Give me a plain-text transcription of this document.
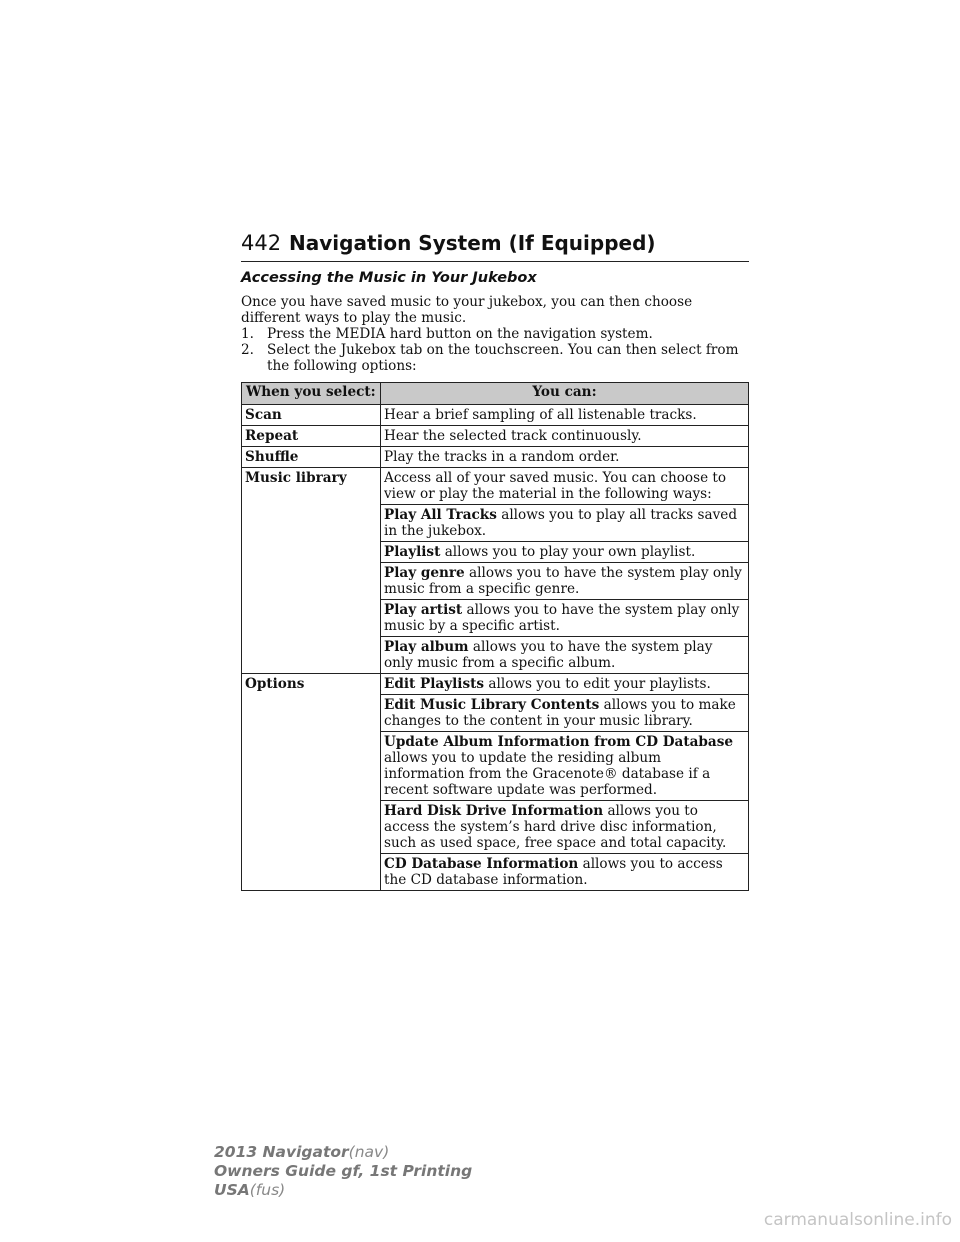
442 Navigation System (If Equipped)
Accessing the Music in Your Jukebox

Once you have saved music to your jukebox, you can then choose different ways to play the music.

1. Press the MEDIA hard button on the navigation system.
2. Select the Jukebox tab on the touchscreen. You can then select from the following options:
When you select:	You can:
Scan	Hear a brief sampling of all listenable tracks.
Repeat	Hear the selected track continuously.
Shuffle	Play the tracks in a random order.
Music library	Access all of your saved music. You can choose to view or play the material in the following ways:
	Play All Tracks allows you to play all tracks saved in the jukebox.
	Playlist allows you to play your own playlist.
	Play genre allows you to have the system play only music from a specific genre.
	Play artist allows you to have the system play only music by a specific artist.
	Play album allows you to have the system play only music from a specific album.
Options	Edit Playlists allows you to edit your playlists.
	Edit Music Library Contents allows you to make changes to the content in your music library.
	Update Album Information from CD Database allows you to update the residing album information from the Gracenote® database if a recent software update was performed.
	Hard Disk Drive Information allows you to access the system’s hard drive disc information, such as used space, free space and total capacity.
	CD Database Information allows you to access the CD database information.
2013 Navigator(nav)
Owners Guide gf, 1st Printing
USA(fus)
carmanualsonline.info
